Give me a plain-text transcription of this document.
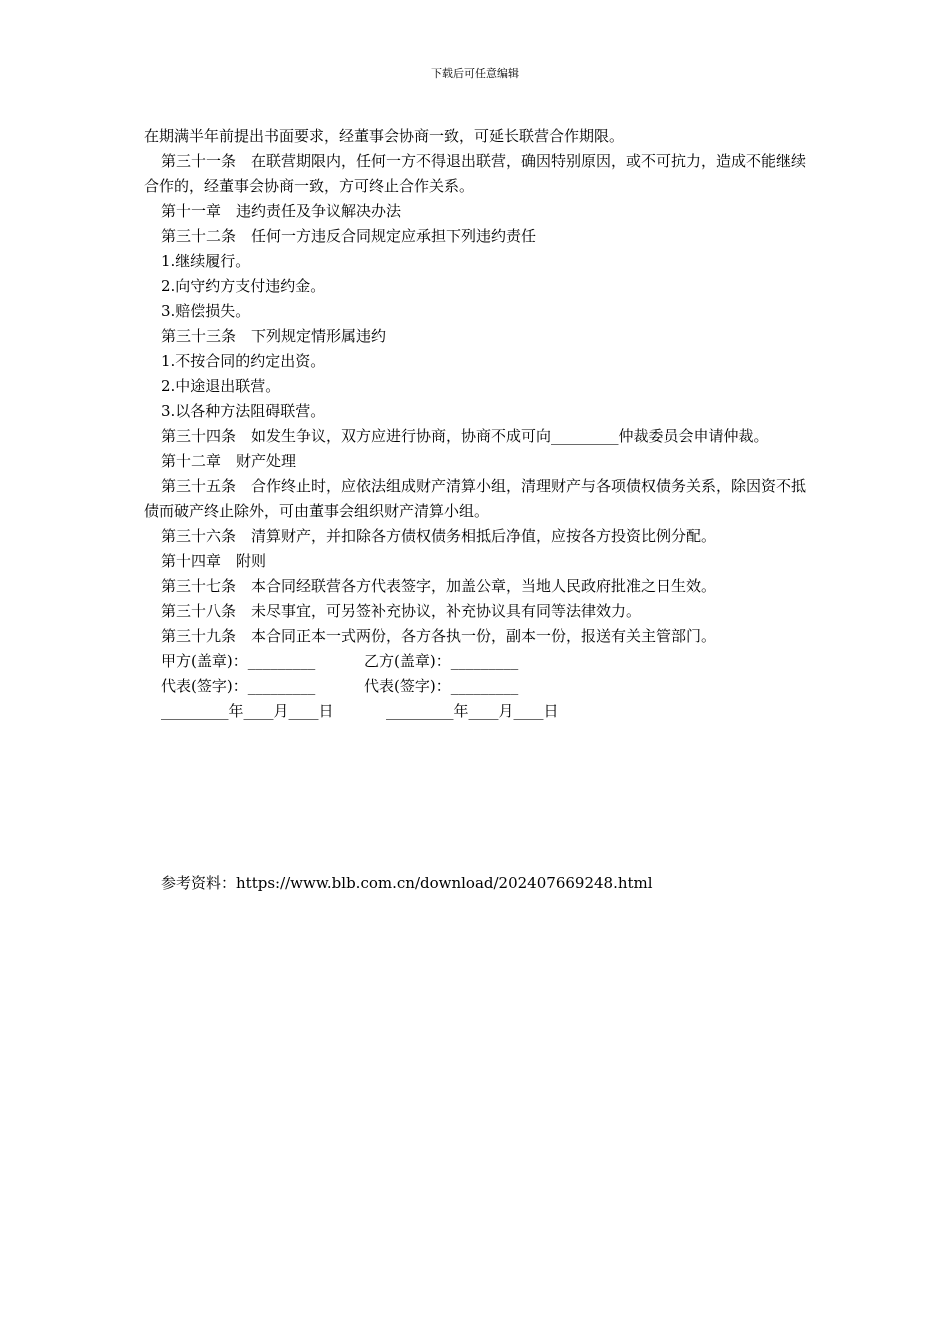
下载后可任意编辑

在期满半年前提出书面要求，经董事会协商一致，可延长联营合作期限。

第三十一条　在联营期限内，任何一方不得退出联营，确因特别原因，或不可抗力，造成不能继续合作的，经董事会协商一致，方可终止合作关系。

第十一章　违约责任及争议解决办法

第三十二条　任何一方违反合同规定应承担下列违约责任

1.继续履行。

2.向守约方支付违约金。

3.赔偿损失。

第三十三条　下列规定情形属违约

1.不按合同的约定出资。

2.中途退出联营。

3.以各种方法阻碍联营。

第三十四条　如发生争议，双方应进行协商，协商不成可向_________仲裁委员会申请仲裁。

第十二章　财产处理

第三十五条　合作终止时，应依法组成财产清算小组，清理财产与各项债权债务关系，除因资不抵债而破产终止除外，可由董事会组织财产清算小组。

第三十六条　清算财产，并扣除各方债权债务相抵后净值，应按各方投资比例分配。

第十四章　附则

第三十七条　本合同经联营各方代表签字，加盖公章，当地人民政府批准之日生效。

第三十八条　未尽事宜，可另签补充协议，补充协议具有同等法律效力。

第三十九条　本合同正本一式两份，各方各执一份，副本一份，报送有关主管部门。

甲方(盖章)：_________	乙方(盖章)：_________
代表(签字)：_________	代表(签字)：_________
_________年____月____日	_________年____月____日
参考资料：https://www.blb.com.cn/download/202407669248.html
